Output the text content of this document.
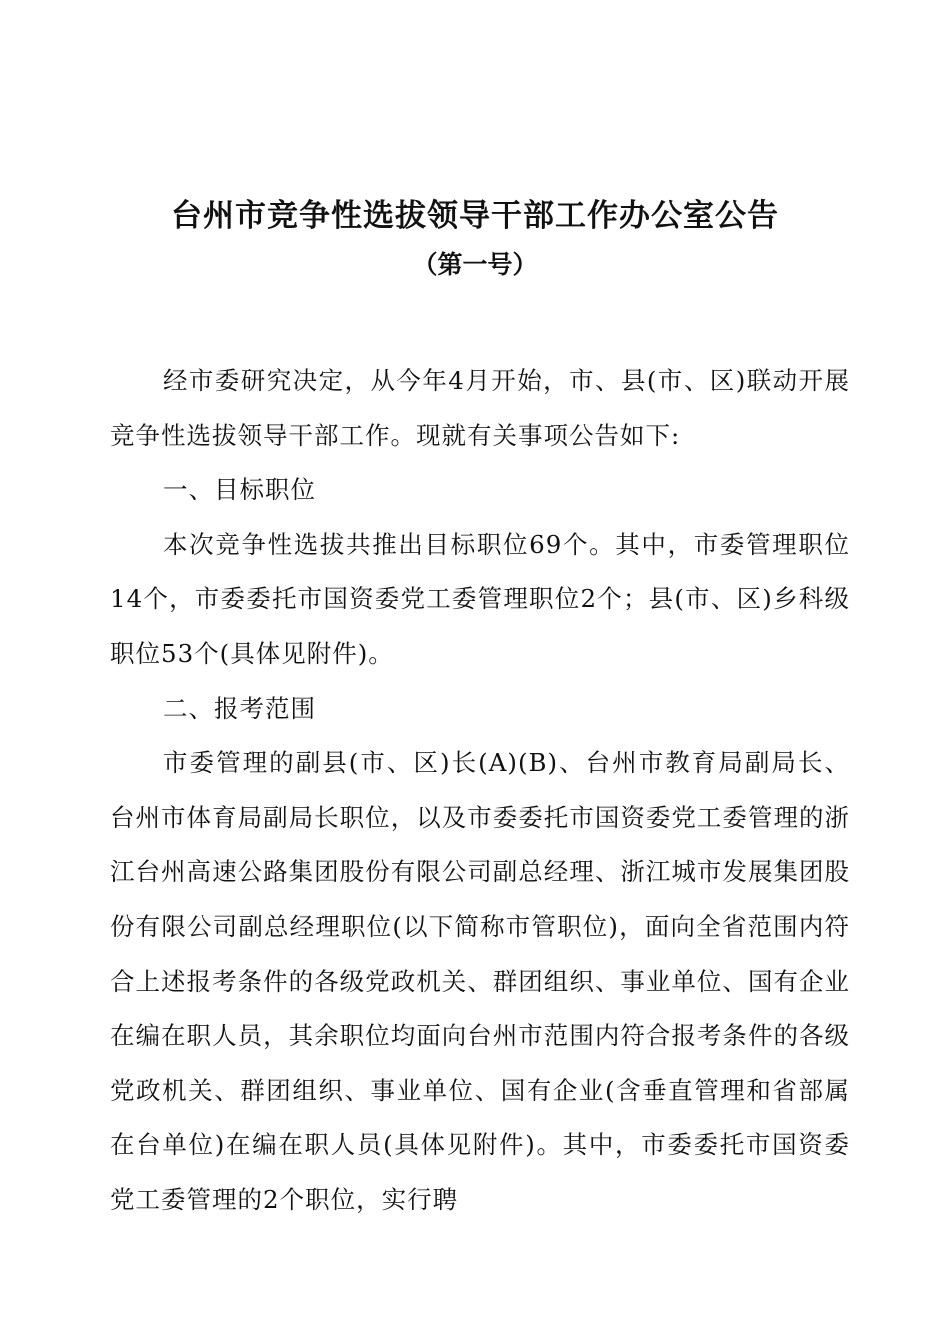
台州市竞争性选拔领导干部工作办公室公告
（第一号）

经市委研究决定，从今年4月开始，市、县(市、区)联动开展竞争性选拔领导干部工作。现就有关事项公告如下:

一、目标职位

本次竞争性选拔共推出目标职位69个。其中，市委管理职位14个，市委委托市国资委党工委管理职位2个；县(市、区)乡科级职位53个(具体见附件)。

二、报考范围

市委管理的副县(市、区)长(A)(B)、台州市教育局副局长、台州市体育局副局长职位，以及市委委托市国资委党工委管理的浙江台州高速公路集团股份有限公司副总经理、浙江城市发展集团股份有限公司副总经理职位(以下简称市管职位)，面向全省范围内符合上述报考条件的各级党政机关、群团组织、事业单位、国有企业在编在职人员，其余职位均面向台州市范围内符合报考条件的各级党政机关、群团组织、事业单位、国有企业(含垂直管理和省部属在台单位)在编在职人员(具体见附件)。其中，市委委托市国资委党工委管理的2个职位，实行聘
